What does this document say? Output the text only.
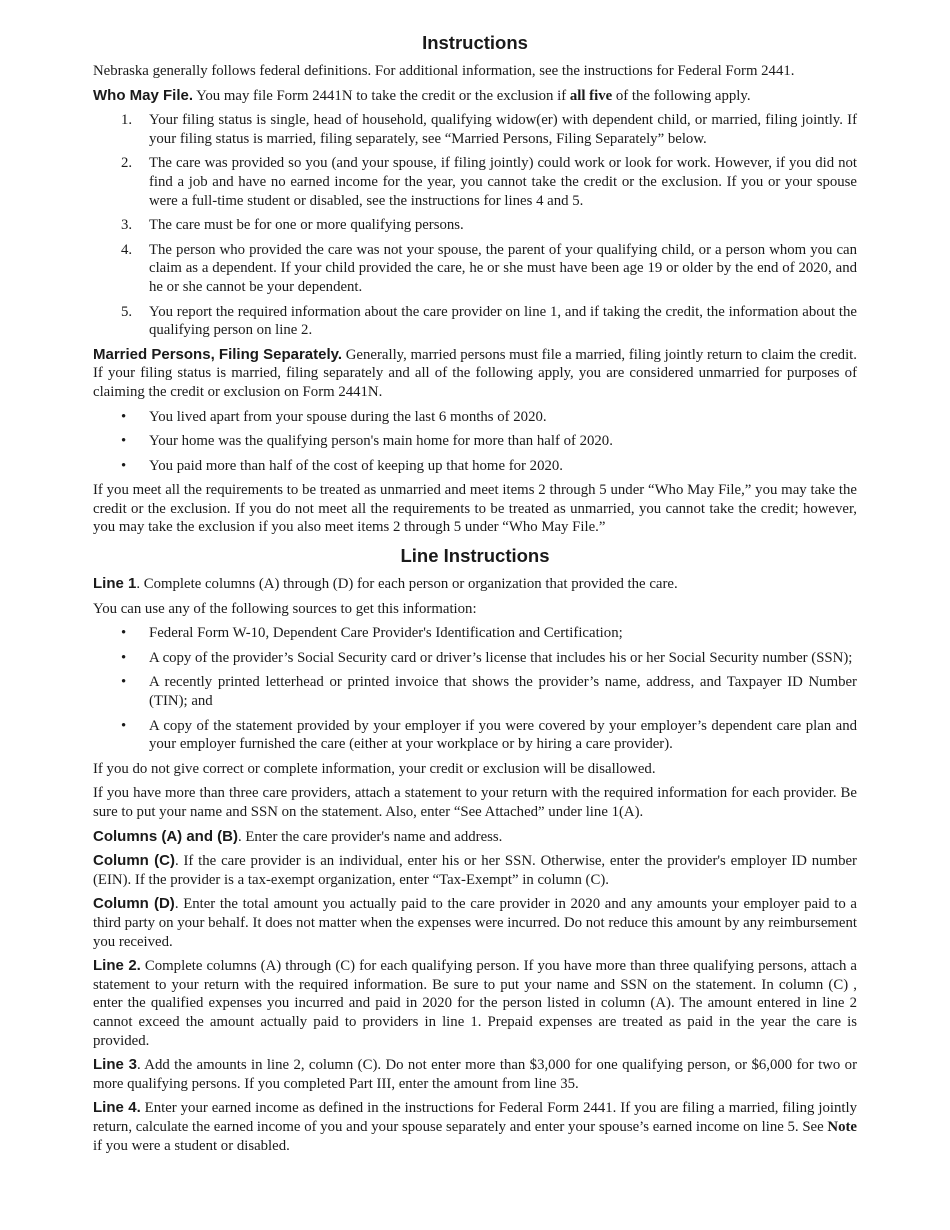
Instructions

Nebraska generally follows federal definitions. For additional information, see the instructions for Federal Form 2441.

Who May File. You may file Form 2441N to take the credit or the exclusion if all five of the following apply.

1.	Your filing status is single, head of household, qualifying widow(er) with dependent child, or married, filing jointly. If your filing status is married, filing separately, see “Married Persons, Filing Separately” below.
2.	The care was provided so you (and your spouse, if filing jointly) could work or look for work. However, if you did not find a job and have no earned income for the year, you cannot take the credit or the exclusion. If you or your spouse were a full-time student or disabled, see the instructions for lines 4 and 5.
3.	The care must be for one or more qualifying persons.
4.	The person who provided the care was not your spouse, the parent of your qualifying child, or a person whom you can claim as a dependent. If your child provided the care, he or she must have been age 19 or older by the end of 2020, and he or she cannot be your dependent.
5.	You report the required information about the care provider on line 1, and if taking the credit, the information about the qualifying person on line 2.

Married Persons, Filing Separately. Generally, married persons must file a married, filing jointly return to claim the credit. If your filing status is married, filing separately and all of the following apply, you are considered unmarried for purposes of claiming the credit or exclusion on Form 2441N.

•	You lived apart from your spouse during the last 6 months of 2020.
•	Your home was the qualifying person's main home for more than half of 2020.
•	You paid more than half of the cost of keeping up that home for 2020.

If you meet all the requirements to be treated as unmarried and meet items 2 through 5 under “Who May File,” you may take the credit or the exclusion. If you do not meet all the requirements to be treated as unmarried, you cannot take the credit; however, you may take the exclusion if you also meet items 2 through 5 under “Who May File.”

Line Instructions

Line 1. Complete columns (A) through (D) for each person or organization that provided the care.

You can use any of the following sources to get this information:

•	Federal Form W-10, Dependent Care Provider's Identification and Certification;
•	A copy of the provider’s Social Security card or driver’s license that includes his or her Social Security number (SSN);
•	A recently printed letterhead or printed invoice that shows the provider’s name, address, and Taxpayer ID Number (TIN); and
•	A copy of the statement provided by your employer if you were covered by your employer’s dependent care plan and your employer furnished the care (either at your workplace or by hiring a care provider).

If you do not give correct or complete information, your credit or exclusion will be disallowed.

If you have more than three care providers, attach a statement to your return with the required information for each provider. Be sure to put your name and SSN on the statement. Also, enter “See Attached” under line 1(A).

Columns (A) and (B). Enter the care provider's name and address.

Column (C). If the care provider is an individual, enter his or her SSN. Otherwise, enter the provider's employer ID number (EIN). If the provider is a tax-exempt organization, enter “Tax-Exempt” in column (C).

Column (D). Enter the total amount you actually paid to the care provider in 2020 and any amounts your employer paid to a third party on your behalf. It does not matter when the expenses were incurred. Do not reduce this amount by any reimbursement you received.

Line 2. Complete columns (A) through (C) for each qualifying person. If you have more than three qualifying persons, attach a statement to your return with the required information. Be sure to put your name and SSN on the statement. In column (C) , enter the qualified expenses you incurred and paid in 2020 for the person listed in column (A). The amount entered in line 2 cannot exceed the amount actually paid to providers in line 1. Prepaid expenses are treated as paid in the year the care is provided.

Line 3. Add the amounts in line 2, column (C). Do not enter more than $3,000 for one qualifying person, or $6,000 for two or more qualifying persons. If you completed Part III, enter the amount from line 35.

Line 4. Enter your earned income as defined in the instructions for Federal Form 2441. If you are filing a married, filing jointly return, calculate the earned income of you and your spouse separately and enter your spouse’s earned income on line 5. See Note if you were a student or disabled.
